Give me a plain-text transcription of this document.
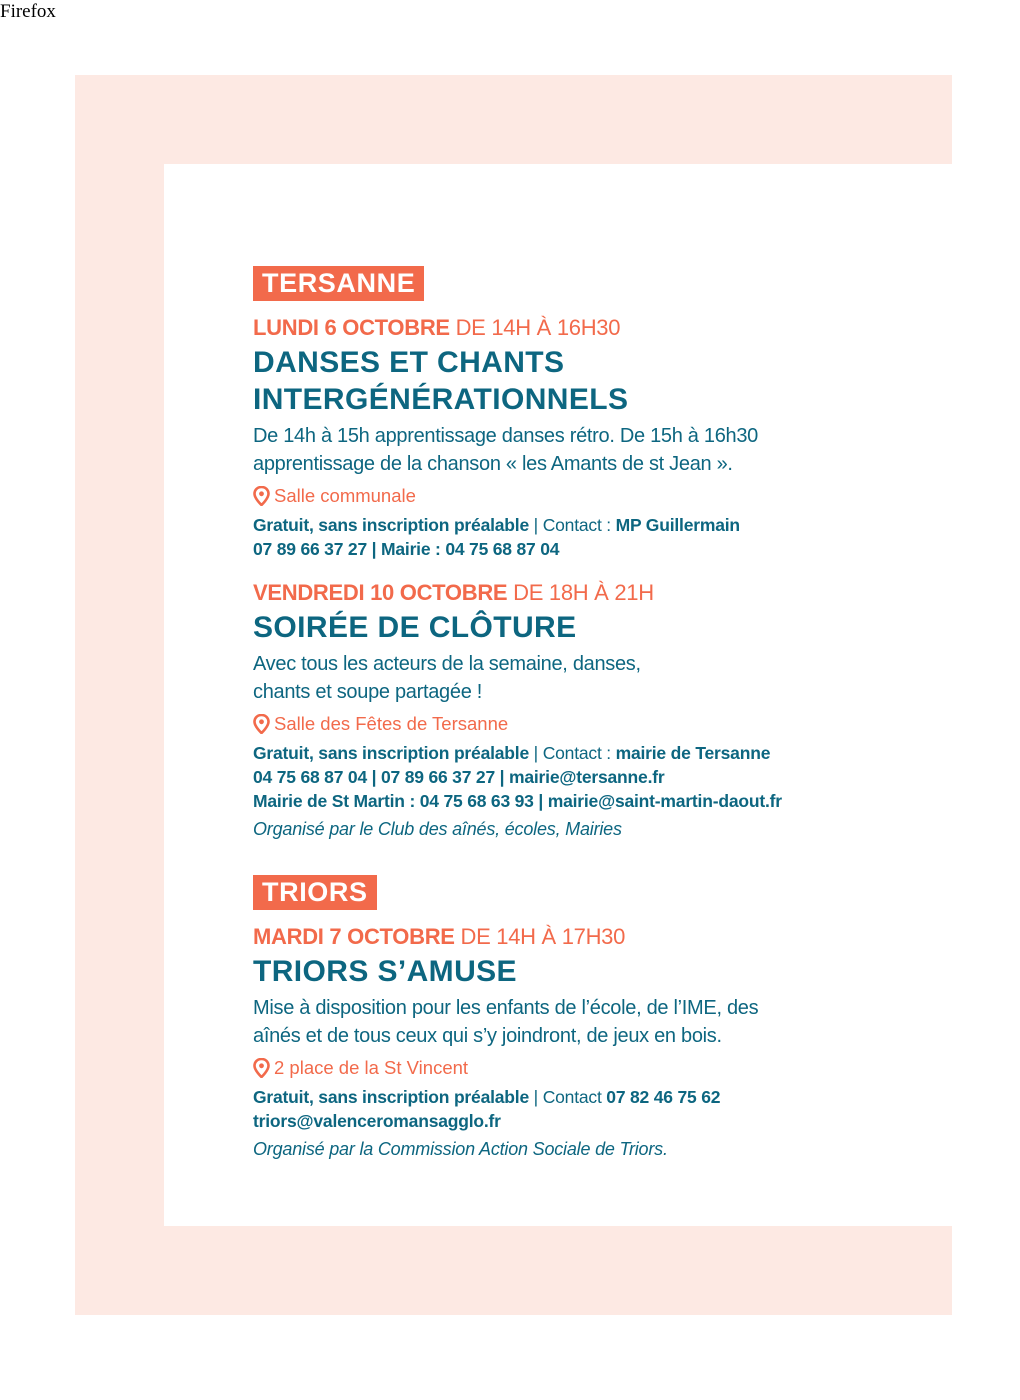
Firefox
TERSANNE
LUNDI 6 OCTOBRE DE 14H À 16H30
DANSES ET CHANTS INTERGÉNÉRATIONNELS
De 14h à 15h apprentissage danses rétro. De 15h à 16h30
apprentissage de la chanson « les Amants de st Jean ».
Salle communale
Gratuit, sans inscription préalable | Contact : MP Guillermain
07 89 66 37 27 | Mairie : 04 75 68 87 04
VENDREDI 10 OCTOBRE DE 18H À 21H
SOIRÉE DE CLÔTURE
Avec tous les acteurs de la semaine, danses,
chants et soupe partagée !
Salle des Fêtes de Tersanne
Gratuit, sans inscription préalable | Contact : mairie de Tersanne
04 75 68 87 04 | 07 89 66 37 27 | mairie@tersanne.fr
Mairie de St Martin : 04 75 68 63 93 | mairie@saint-martin-daout.fr
Organisé par le Club des aînés, écoles, Mairies
TRIORS
MARDI 7 OCTOBRE DE 14H À 17H30
TRIORS S’AMUSE
Mise à disposition pour les enfants de l’école, de l’IME, des
aînés et de tous ceux qui s’y joindront, de jeux en bois.
2 place de la St Vincent
Gratuit, sans inscription préalable | Contact 07 82 46 75 62
triors@valenceromansagglo.fr
Organisé par la Commission Action Sociale de Triors.
